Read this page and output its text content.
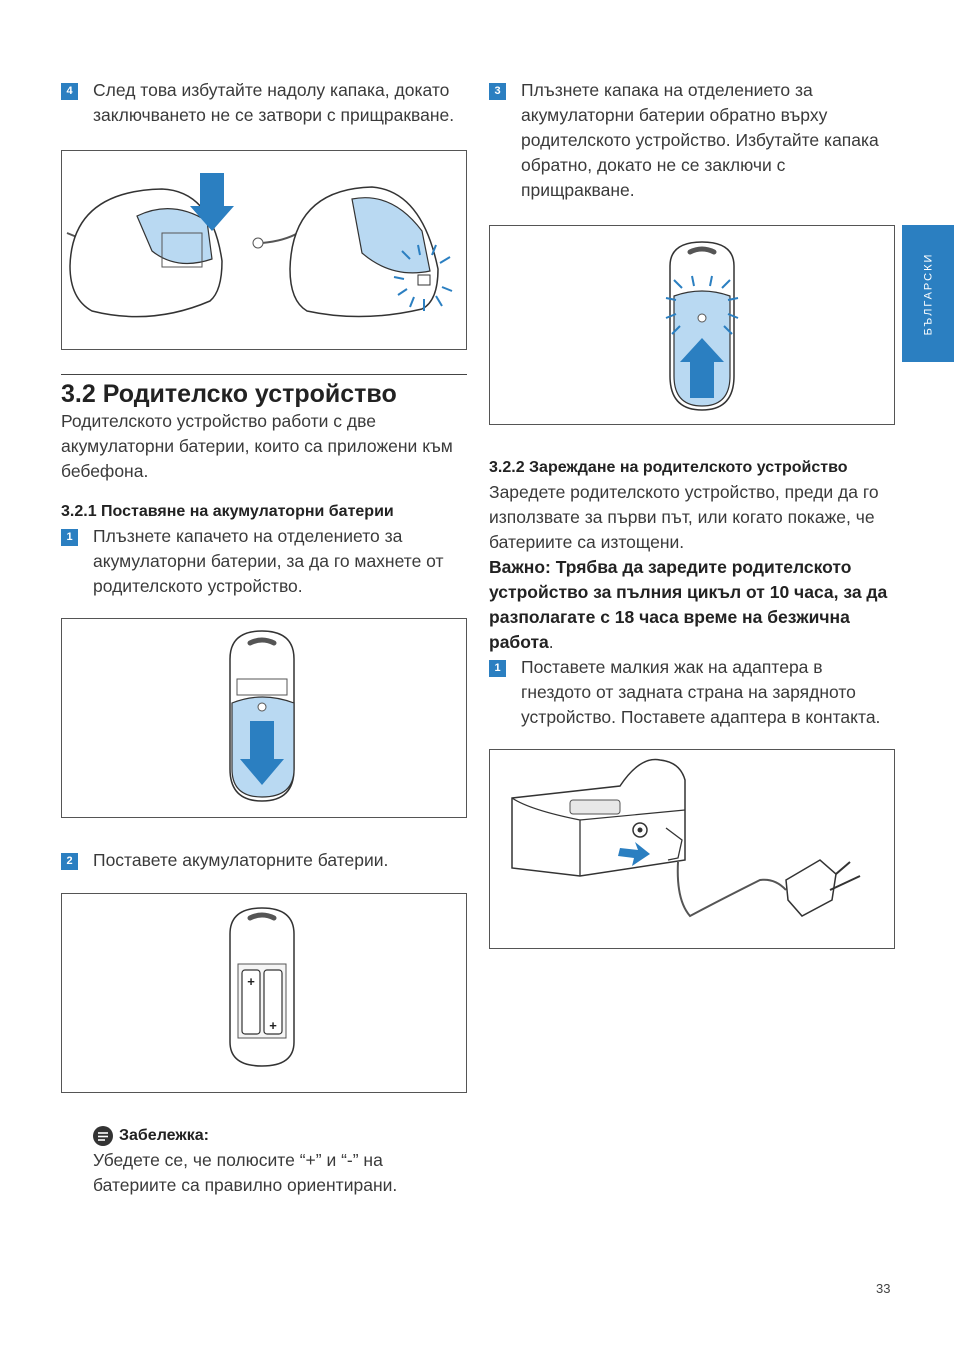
4	След това избутайте надолу капака, докато заключването не се затвори с прищракване.

3.2 Родителско устройство

Родителското устройство работи с две акумулаторни батерии, които са приложени към бебефона.

3.2.1 Поставяне на акумулаторни батерии

1	Плъзнете капачето на отделението за акумулаторни батерии, за да го махнете от родителското устройство.

2	Поставете акумулаторните батерии.

+
+
Забележка:
Убедете се, че полюсите “+” и “-” на батериите са правилно ориентирани.

3	Плъзнете капака на отделението за акумулаторни батерии обратно върху родителското устройство. Избутайте капака обратно, докато не се заключи с прищракване.

3.2.2 Зареждане на родителското устройство

Заредете родителското устройство, преди да го използвате за първи път, или когато покаже, че батериите са изтощени.

Важно: Трябва да заредите родителското устройство за пълния цикъл от 10 часа, за да разполагате с 18 часа време на безжична работа.

1	Поставете малкия жак на адаптера в гнездото от задната страна на зарядното устройство. Поставете адаптера в контакта.

БЪЛГАРСКИ
33
